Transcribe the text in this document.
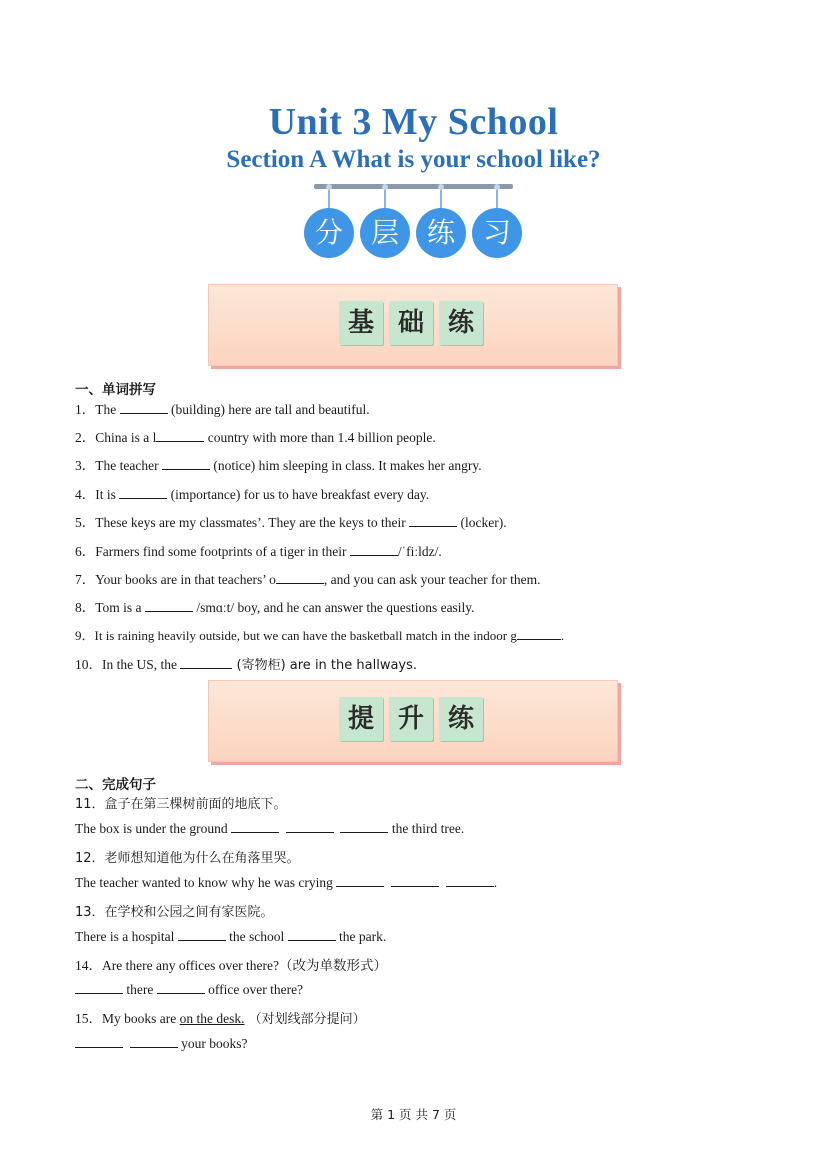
Unit 3 My School
Section A What is your school like?
分 层 练 习
基 础 练
一、单词拼写
1．The	(building) here are tall and beautiful.
2．China is a l	country with more than 1.4 billion people.
3．The teacher	(notice) him sleeping in class. It makes her angry.
4．It is	(importance) for us to have breakfast every day.
5．These keys are my classmates’. They are the keys to their	(locker).
6．Farmers find some footprints of a tiger in their	/ˈfiːldz/.
7．Your books are in that teachers’ o	, and you can ask your teacher for them.
8．Tom is a	/smɑːt/ boy, and he can answer the questions easily.
9．It is raining heavily outside, but we can have the basketball match in the indoor g	.
10．In the US, the	(寄物柜) are in the hallways.
提 升 练
二、完成句子
11．盒子在第三棵树前面的地底下。
The box is under the ground	the third tree.
12．老师想知道他为什么在角落里哭。
The teacher wanted to know why he was crying	.
13．在学校和公园之间有家医院。
There is a hospital	the school	the park.
14．Are there any offices over there?（改为单数形式）
there	office over there?
15．My books are on the desk. （对划线部分提问）
your books?
第 1 页 共 7 页
